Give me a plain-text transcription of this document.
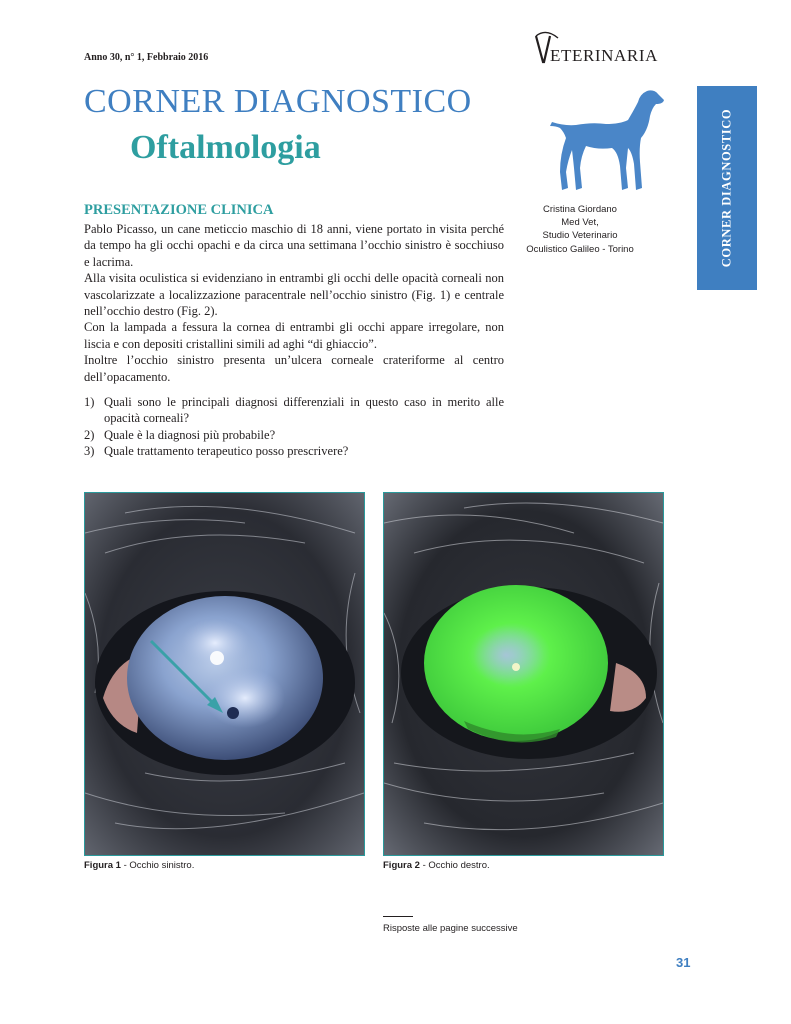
Anno 30, n° 1, Febbraio 2016	ETERINARIA
CORNER DIAGNOSTICO
Oftalmologia	CORNER DIAGNOSTICO
Cristina Giordano
Med Vet,
Studio Veterinario
Oculistico Galileo - Torino
PRESENTAZIONE CLINICA

Pablo Picasso, un cane meticcio maschio di 18 anni, viene portato in visita perché da tempo ha gli occhi opachi e da circa una settimana l’occhio sinistro è socchiuso e lacrima.

Alla visita oculistica si evidenziano in entrambi gli occhi delle opacità corneali non vascolarizzate a localizzazione paracentrale nell’occhio sinistro (Fig. 1) e centrale nell’occhio destro (Fig. 2).

Con la lampada a fessura la cornea di entrambi gli occhi appare irregolare, non liscia e con depositi cristallini simili ad aghi “di ghiaccio”.

Inoltre l’occhio sinistro presenta un’ulcera corneale crateriforme al centro dell’opacamento.

1) Quali sono le principali diagnosi differenziali in questo caso in merito alle opacità corneali?
2) Quale è la diagnosi più probabile?
3) Quale trattamento terapeutico posso prescrivere?
Figura 1 - Occhio sinistro.	Figura 2 - Occhio destro.
Risposte alle pagine successive
31
